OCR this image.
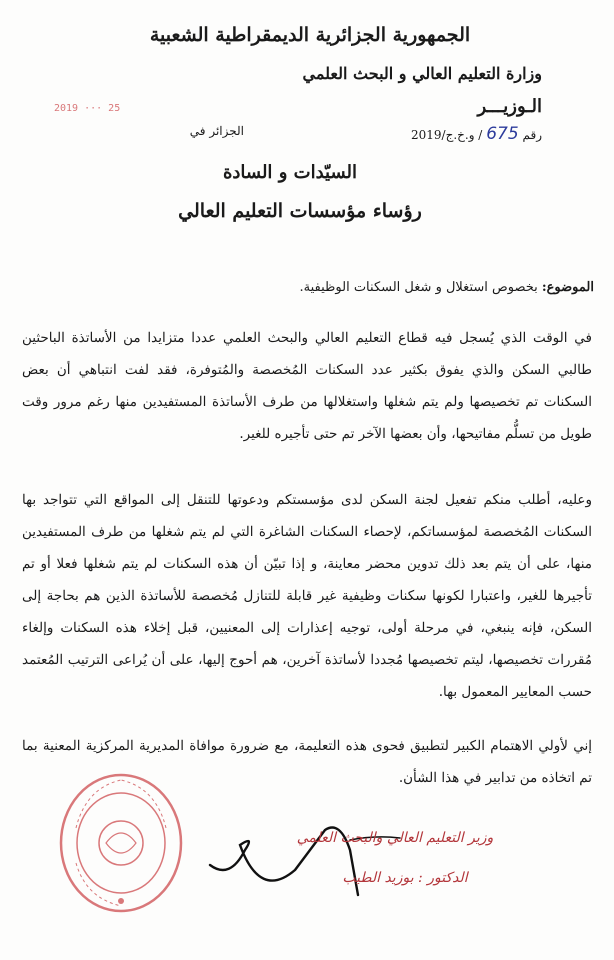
الجمهورية الجزائرية الديمقراطية الشعبية
وزارة التعليم العالي و البحث العلمي
الـوزيـــر
2019 ··· 25
رقم 675 / و.خ.ج/2019
الجزائر في
السيّدات و السادة
رؤساء مؤسسات التعليم العالي
الموضوع: بخصوص استغلال و شغل السكنات الوظيفية.
في الوقت الذي يُسجل فيه قطاع التعليم العالي والبحث العلمي عددا متزايدا من الأساتذة الباحثين طالبي السكن والذي يفوق بكثير عدد السكنات المُخصصة والمُتوفرة، فقد لفت انتباهي أن بعض السكنات تم تخصيصها ولم يتم شغلها واستغلالها من طرف الأساتذة المستفيدين منها رغم مرور وقت طويل من تسلُّم مفاتيحها، وأن بعضها الآخر تم حتى تأجيره للغير.
وعليه، أطلب منكم تفعيل لجنة السكن لدى مؤسستكم ودعوتها للتنقل إلى المواقع التي تتواجد بها السكنات المُخصصة لمؤسساتكم، لإحصاء السكنات الشاغرة التي لم يتم شغلها من طرف المستفيدين منها، على أن يتم بعد ذلك تدوين محضر معاينة، و إذا تبيّن أن هذه السكنات لم يتم شغلها فعلا أو تم تأجيرها للغير، واعتبارا لكونها سكنات وظيفية غير قابلة للتنازل مُخصصة للأساتذة الذين هم بحاجة إلى السكن، فإنه ينبغي، في مرحلة أولى، توجيه إعذارات إلى المعنيين، قبل إخلاء هذه السكنات وإلغاء مُقررات تخصيصها، ليتم تخصيصها مُجددا لأساتذة آخرين، هم أحوج إليها، على أن يُراعى الترتيب المُعتمد حسب المعايير المعمول بها.
إني لأولي الاهتمام الكبير لتطبيق فحوى هذه التعليمة، مع ضرورة موافاة المديرية المركزية المعنية بما تم اتخاذه من تدابير في هذا الشأن.
وزير التعليم العالي والبحث العلمي
الدكتور : بوزيد الطيب
